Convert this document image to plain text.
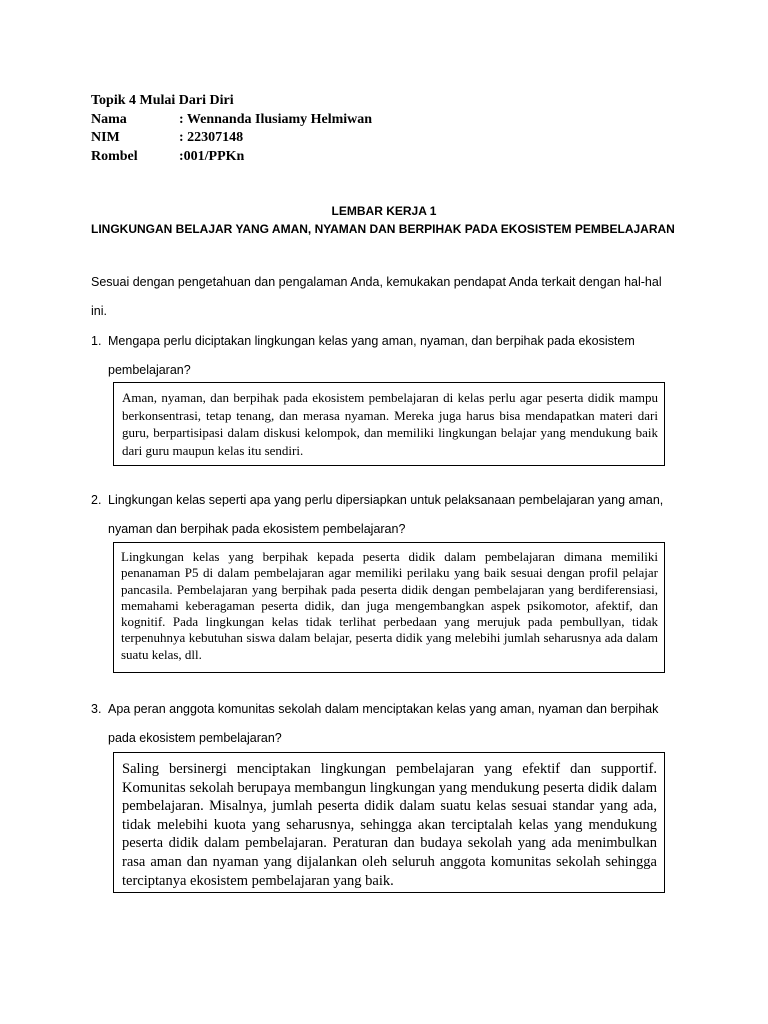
Topik 4 Mulai Dari Diri
Nama	: Wennanda Ilusiamy Helmiwan
NIM	: 22307148
Rombel	:001/PPKn
LEMBAR KERJA 1
LINGKUNGAN BELAJAR YANG AMAN, NYAMAN DAN BERPIHAK PADA EKOSISTEM PEMBELAJARAN
Sesuai dengan pengetahuan dan pengalaman Anda, kemukakan pendapat Anda terkait dengan hal-hal ini.
1. Mengapa perlu diciptakan lingkungan kelas yang aman, nyaman, dan berpihak pada ekosistem pembelajaran?
Aman, nyaman, dan berpihak pada ekosistem pembelajaran di kelas perlu agar peserta didik mampu berkonsentrasi, tetap tenang, dan merasa nyaman. Mereka juga harus bisa mendapatkan materi dari guru, berpartisipasi dalam diskusi kelompok, dan memiliki lingkungan belajar yang mendukung baik dari guru maupun kelas itu sendiri.
2. Lingkungan kelas seperti apa yang perlu dipersiapkan untuk pelaksanaan pembelajaran yang aman, nyaman dan berpihak pada ekosistem pembelajaran?
Lingkungan kelas yang berpihak kepada peserta didik dalam pembelajaran dimana memiliki penanaman P5 di dalam pembelajaran agar memiliki perilaku yang baik sesuai dengan profil pelajar pancasila. Pembelajaran yang berpihak pada peserta didik dengan pembelajaran yang berdiferensiasi, memahami keberagaman peserta didik, dan juga mengembangkan aspek psikomotor, afektif, dan kognitif. Pada lingkungan kelas tidak terlihat perbedaan yang merujuk pada pembullyan, tidak terpenuhnya kebutuhan siswa dalam belajar, peserta didik yang melebihi jumlah seharusnya ada dalam suatu kelas, dll.
3. Apa peran anggota komunitas sekolah dalam menciptakan kelas yang aman, nyaman dan berpihak pada ekosistem pembelajaran?
Saling bersinergi menciptakan lingkungan pembelajaran yang efektif dan supportif. Komunitas sekolah berupaya membangun lingkungan yang mendukung peserta didik dalam pembelajaran. Misalnya, jumlah peserta didik dalam suatu kelas sesuai standar yang ada, tidak melebihi kuota yang seharusnya, sehingga akan terciptalah kelas yang mendukung peserta didik dalam pembelajaran. Peraturan dan budaya sekolah yang ada menimbulkan rasa aman dan nyaman yang dijalankan oleh seluruh anggota komunitas sekolah sehingga terciptanya ekosistem pembelajaran yang baik.
